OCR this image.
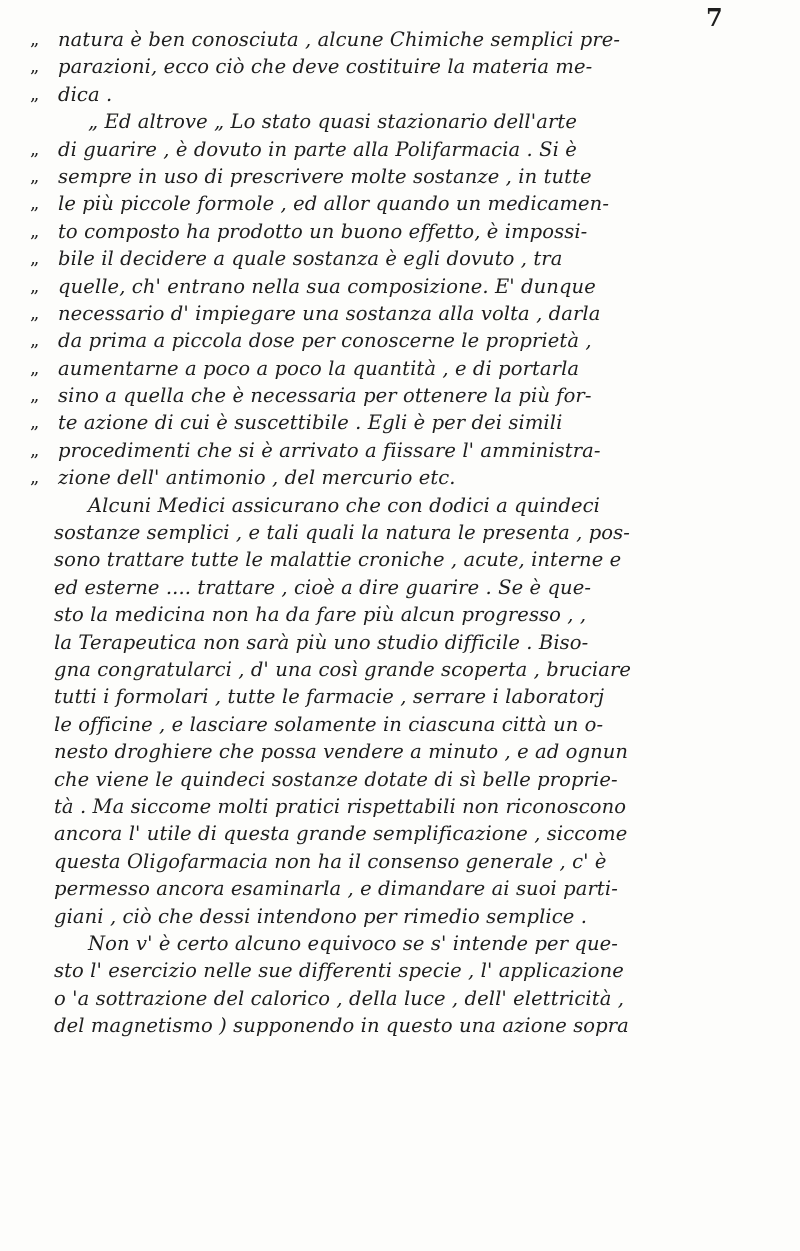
7
„ natura è ben conosciuta , alcune Chimiche semplici pre-
„ parazioni, ecco ciò che deve costituire la materia me-
„ dica .
„ Ed altrove „ Lo stato quasi stazionario dell'arte
„ di guarire , è dovuto in parte alla Polifarmacia . Si è
„ sempre in uso di prescrivere molte sostanze , in tutte
„ le più piccole formole , ed allor quando un medicamen-
„ to composto ha prodotto un buono effetto, è impossi-
„ bile il decidere a quale sostanza è egli dovuto , tra
„ quelle, ch' entrano nella sua composizione. E' dunque
„ necessario d' impiegare una sostanza alla volta , darla
„ da prima a piccola dose per conoscerne le proprietà ,
„ aumentarne a poco a poco la quantità , e di portarla
„ sino a quella che è necessaria per ottenere la più for-
„ te azione di cui è suscettibile . Egli è per dei simili
„ procedimenti che si è arrivato a fiissare l' amministra-
„ zione dell' antimonio , del mercurio etc.
Alcuni Medici assicurano che con dodici a quindeci
sostanze semplici , e tali quali la natura le presenta , pos-
sono trattare tutte le malattie croniche , acute, interne e
ed esterne .... trattare , cioè a dire guarire . Se è que-
sto la medicina non ha da fare più alcun progresso , ,
la Terapeutica non sarà più uno studio difficile . Biso-
gna congratularci , d' una così grande scoperta , bruciare
tutti i formolari , tutte le farmacie , serrare i laboratorj
le officine , e lasciare solamente in ciascuna città un o-
nesto droghiere che possa vendere a minuto , e ad ognun
che viene le quindeci sostanze dotate di sì belle proprie-
tà . Ma siccome molti pratici rispettabili non riconoscono
ancora l' utile di questa grande semplificazione , siccome
questa Oligofarmacia non ha il consenso generale , c' è
permesso ancora esaminarla , e dimandare ai suoi parti-
giani , ciò che dessi intendono per rimedio semplice .
Non v' è certo alcuno equivoco se s' intende per que-
sto l' esercizio nelle sue differenti specie , l' applicazione
o 'a sottrazione del calorico , della luce , dell' elettricità ,
del magnetismo ) supponendo in questo una azione sopra
